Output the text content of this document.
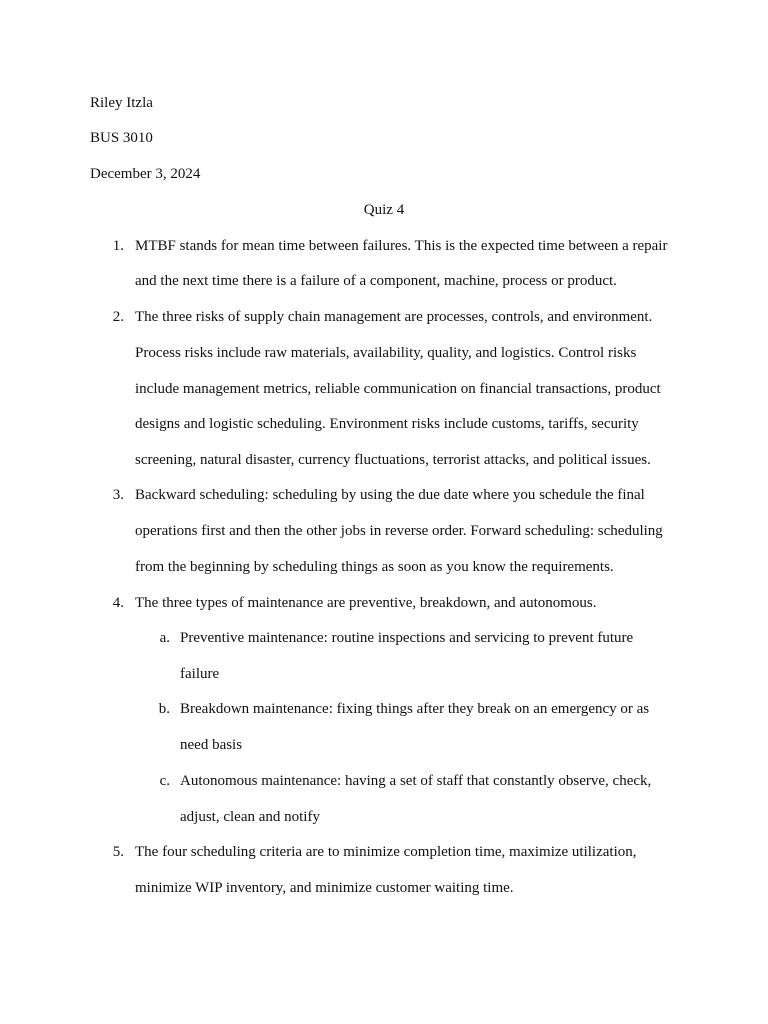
Riley Itzla
BUS 3010
December 3, 2024
Quiz 4
1. MTBF stands for mean time between failures. This is the expected time between a repair
and the next time there is a failure of a component, machine, process or product.
2. The three risks of supply chain management are processes, controls, and environment.
Process risks include raw materials, availability, quality, and logistics. Control risks
include management metrics, reliable communication on financial transactions, product
designs and logistic scheduling. Environment risks include customs, tariffs, security
screening, natural disaster, currency fluctuations, terrorist attacks, and political issues.
3. Backward scheduling: scheduling by using the due date where you schedule the final
operations first and then the other jobs in reverse order. Forward scheduling: scheduling
from the beginning by scheduling things as soon as you know the requirements.
4. The three types of maintenance are preventive, breakdown, and autonomous.
a. Preventive maintenance: routine inspections and servicing to prevent future
failure
b. Breakdown maintenance: fixing things after they break on an emergency or as
need basis
c. Autonomous maintenance: having a set of staff that constantly observe, check,
adjust, clean and notify
5. The four scheduling criteria are to minimize completion time, maximize utilization,
minimize WIP inventory, and minimize customer waiting time.
